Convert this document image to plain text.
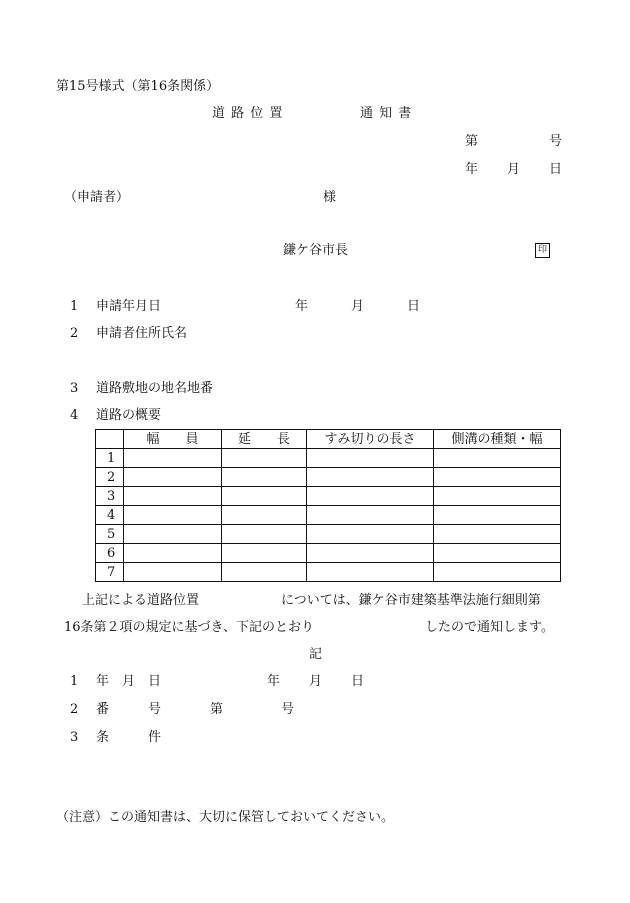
第15号様式（第16条関係）
道 路 位 置	通 知 書
第	号
年 月 日
（申請者）	様
鎌ケ谷市長	印
1 申請年月日	年	月	日
2 申請者住所氏名
3 道路敷地の地名地番
4 道路の概要
	幅　　員	延　　長	すみ切りの長さ	側溝の種類・幅
1				
2				
3				
4				
5				
6				
7				
上記による道路位置	については、鎌ケ谷市建築基準法施行細則第
16条第２項の規定に基づき、下記のとおり	したので通知します。
記
1 年　月　日	年 月 日
2 番　　　号	第	号
3 条　　　件
（注意）この通知書は、大切に保管しておいてください。
